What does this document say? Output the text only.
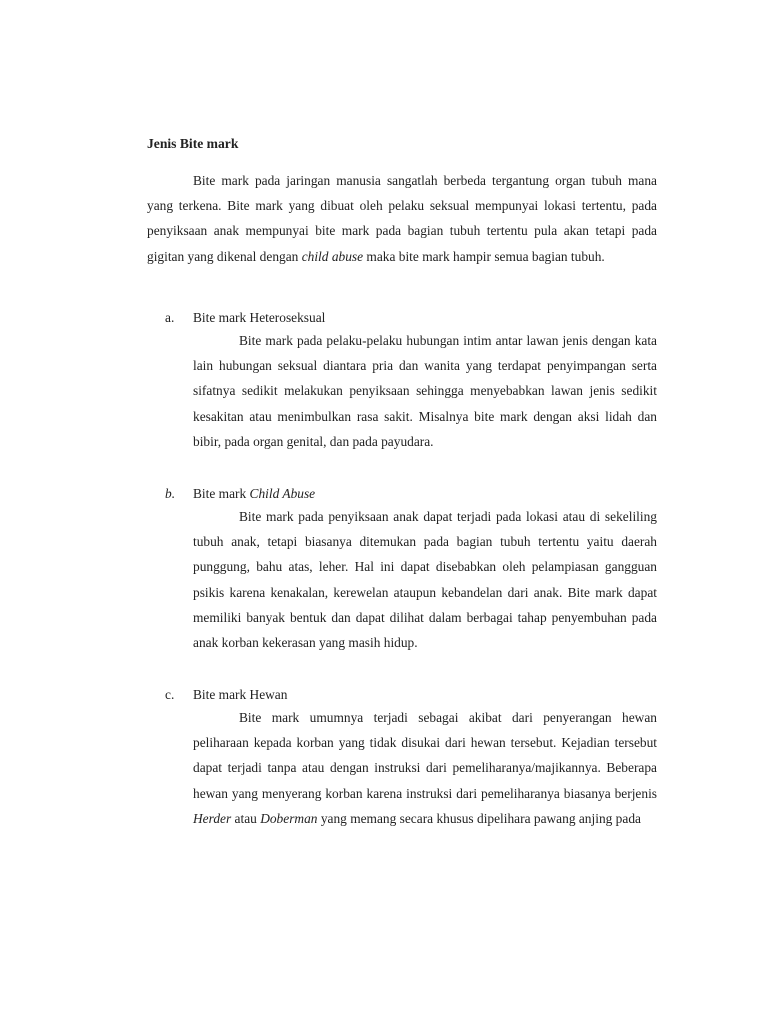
Jenis Bite mark
Bite mark pada jaringan manusia sangatlah berbeda tergantung organ tubuh mana yang terkena. Bite mark yang dibuat oleh pelaku seksual mempunyai lokasi tertentu, pada penyiksaan anak mempunyai bite mark pada bagian tubuh tertentu pula akan tetapi pada gigitan yang dikenal dengan child abuse maka bite mark hampir semua bagian tubuh.
a. Bite mark Heteroseksual
Bite mark pada pelaku-pelaku hubungan intim antar lawan jenis dengan kata lain hubungan seksual diantara pria dan wanita yang terdapat penyimpangan serta sifatnya sedikit melakukan penyiksaan sehingga menyebabkan lawan jenis sedikit kesakitan atau menimbulkan rasa sakit. Misalnya bite mark dengan aksi lidah dan bibir, pada organ genital, dan pada payudara.
b. Bite mark Child Abuse
Bite mark pada penyiksaan anak dapat terjadi pada lokasi atau di sekeliling tubuh anak, tetapi biasanya ditemukan pada bagian tubuh tertentu yaitu daerah punggung, bahu atas, leher. Hal ini dapat disebabkan oleh pelampiasan gangguan psikis karena kenakalan, kerewelan ataupun kebandelan dari anak. Bite mark dapat memiliki banyak bentuk dan dapat dilihat dalam berbagai tahap penyembuhan pada anak korban kekerasan yang masih hidup.
c. Bite mark Hewan
Bite mark umumnya terjadi sebagai akibat dari penyerangan hewan peliharaan kepada korban yang tidak disukai dari hewan tersebut. Kejadian tersebut dapat terjadi tanpa atau dengan instruksi dari pemeliharanya/majikannya. Beberapa hewan yang menyerang korban karena instruksi dari pemeliharanya biasanya berjenis Herder atau Doberman yang memang secara khusus dipelihara pawang anjing pada
